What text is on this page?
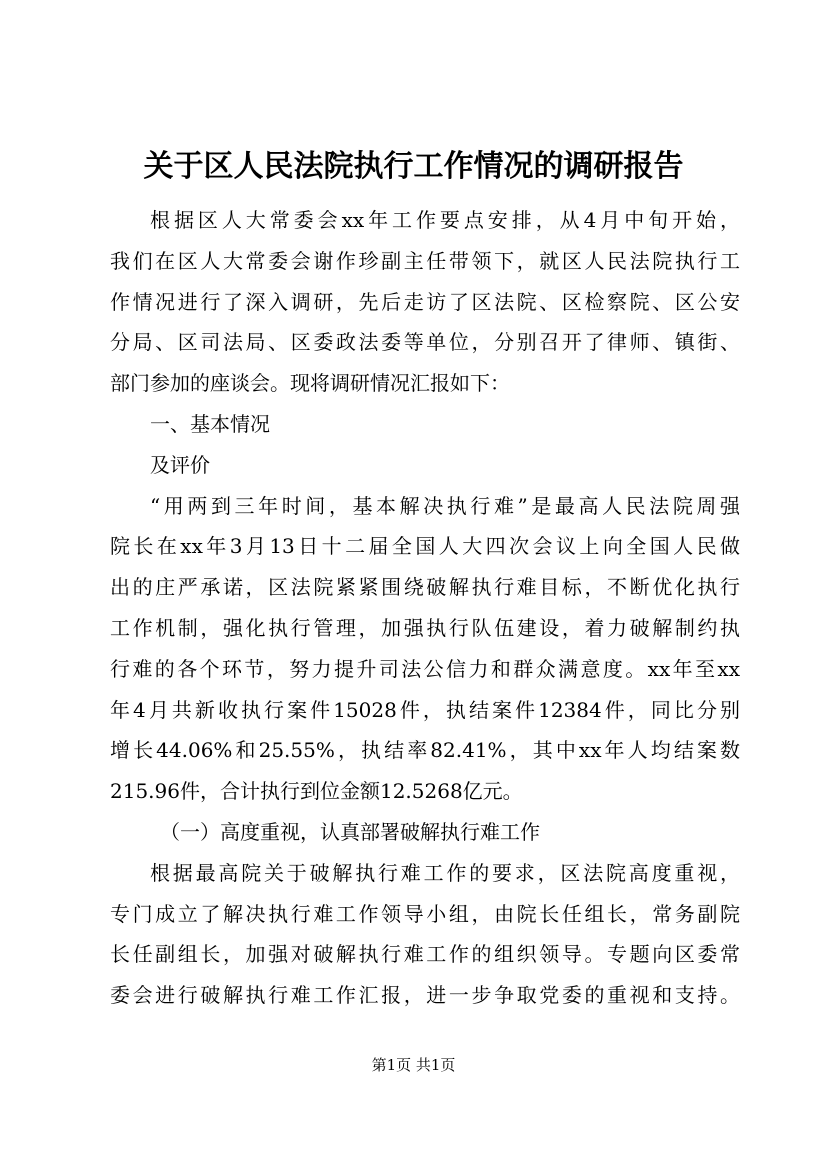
关于区人民法院执行工作情况的调研报告
根据区人大常委会xx年工作要点安排，从4月中旬开始，
我们在区人大常委会谢作珍副主任带领下，就区人民法院执行工
作情况进行了深入调研，先后走访了区法院、区检察院、区公安
分局、区司法局、区委政法委等单位，分别召开了律师、镇街、
部门参加的座谈会。现将调研情况汇报如下：
一、基本情况
及评价
“用两到三年时间，基本解决执行难”是最高人民法院周强
院长在xx年3月13日十二届全国人大四次会议上向全国人民做
出的庄严承诺，区法院紧紧围绕破解执行难目标，不断优化执行
工作机制，强化执行管理，加强执行队伍建设，着力破解制约执
行难的各个环节，努力提升司法公信力和群众满意度。xx年至xx
年4月共新收执行案件15028件，执结案件12384件，同比分别
增长44.06%和25.55%，执结率82.41%，其中xx年人均结案数
215.96件，合计执行到位金额12.5268亿元。
（一）高度重视，认真部署破解执行难工作
根据最高院关于破解执行难工作的要求，区法院高度重视，
专门成立了解决执行难工作领导小组，由院长任组长，常务副院
长任副组长，加强对破解执行难工作的组织领导。专题向区委常
委会进行破解执行难工作汇报，进一步争取党委的重视和支持。
第1页 共1页
